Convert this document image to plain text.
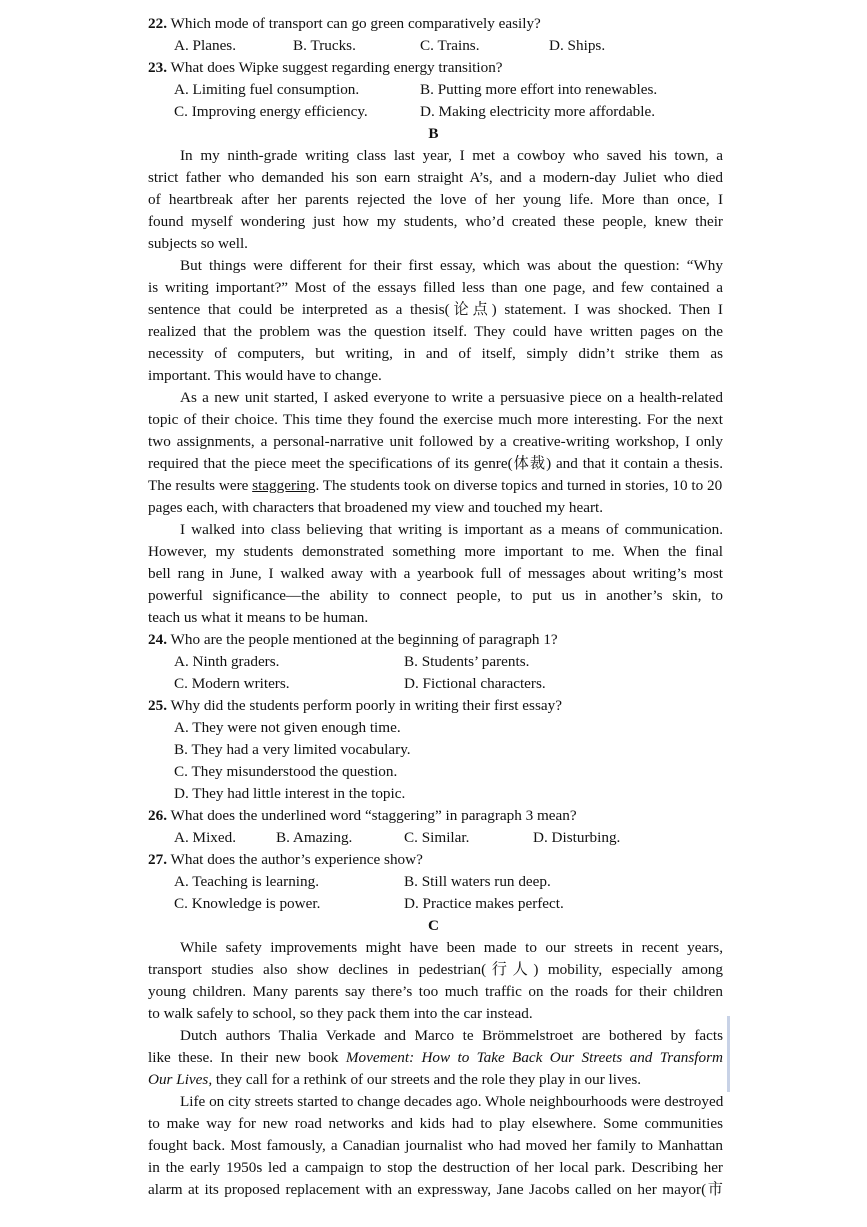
22. Which mode of transport can go green comparatively easily?
A. Planes.	B. Trucks.	C. Trains.	D. Ships.
23. What does Wipke suggest regarding energy transition?
A. Limiting fuel consumption.	B. Putting more effort into renewables.
C. Improving energy efficiency.	D. Making electricity more affordable.
B
In my ninth-grade writing class last year, I met a cowboy who saved his town, a
strict father who demanded his son earn straight A’s, and a modern-day Juliet who died
of heartbreak after her parents rejected the love of her young life. More than once, I
found myself wondering just how my students, who’d created these people, knew their
subjects so well.
But things were different for their first essay, which was about the question: “Why
is writing important?” Most of the essays filled less than one page, and few contained a
sentence that could be interpreted as a thesis(论点) statement. I was shocked. Then I
realized that the problem was the question itself. They could have written pages on the
necessity of computers, but writing, in and of itself, simply didn’t strike them as
important. This would have to change.
As a new unit started, I asked everyone to write a persuasive piece on a health-related
topic of their choice. This time they found the exercise much more interesting. For the next
two assignments, a personal-narrative unit followed by a creative-writing workshop, I only
required that the piece meet the specifications of its genre(体裁) and that it contain a thesis.
The results were staggering. The students took on diverse topics and turned in stories, 10 to 20
pages each, with characters that broadened my view and touched my heart.
I walked into class believing that writing is important as a means of communication.
However, my students demonstrated something more important to me. When the final
bell rang in June, I walked away with a yearbook full of messages about writing’s most
powerful significance—the ability to connect people, to put us in another’s skin, to
teach us what it means to be human.
24. Who are the people mentioned at the beginning of paragraph 1?
A. Ninth graders.	B. Students’ parents.
C. Modern writers.	D. Fictional characters.
25. Why did the students perform poorly in writing their first essay?
A. They were not given enough time.
B. They had a very limited vocabulary.
C. They misunderstood the question.
D. They had little interest in the topic.
26. What does the underlined word “staggering” in paragraph 3 mean?
A. Mixed.	B. Amazing.	C. Similar.	D. Disturbing.
27. What does the author’s experience show?
A. Teaching is learning.	B. Still waters run deep.
C. Knowledge is power.	D. Practice makes perfect.
C
While safety improvements might have been made to our streets in recent years,
transport studies also show declines in pedestrian(行人) mobility, especially among
young children. Many parents say there’s too much traffic on the roads for their children
to walk safely to school, so they pack them into the car instead.
Dutch authors Thalia Verkade and Marco te Brömmelstroet are bothered by facts
like these. In their new book Movement: How to Take Back Our Streets and Transform
Our Lives, they call for a rethink of our streets and the role they play in our lives.
Life on city streets started to change decades ago. Whole neighbourhoods were destroyed
to make way for new road networks and kids had to play elsewhere. Some communities
fought back. Most famously, a Canadian journalist who had moved her family to Manhattan
in the early 1950s led a campaign to stop the destruction of her local park. Describing her
alarm at its proposed replacement with an expressway, Jane Jacobs called on her mayor(市
